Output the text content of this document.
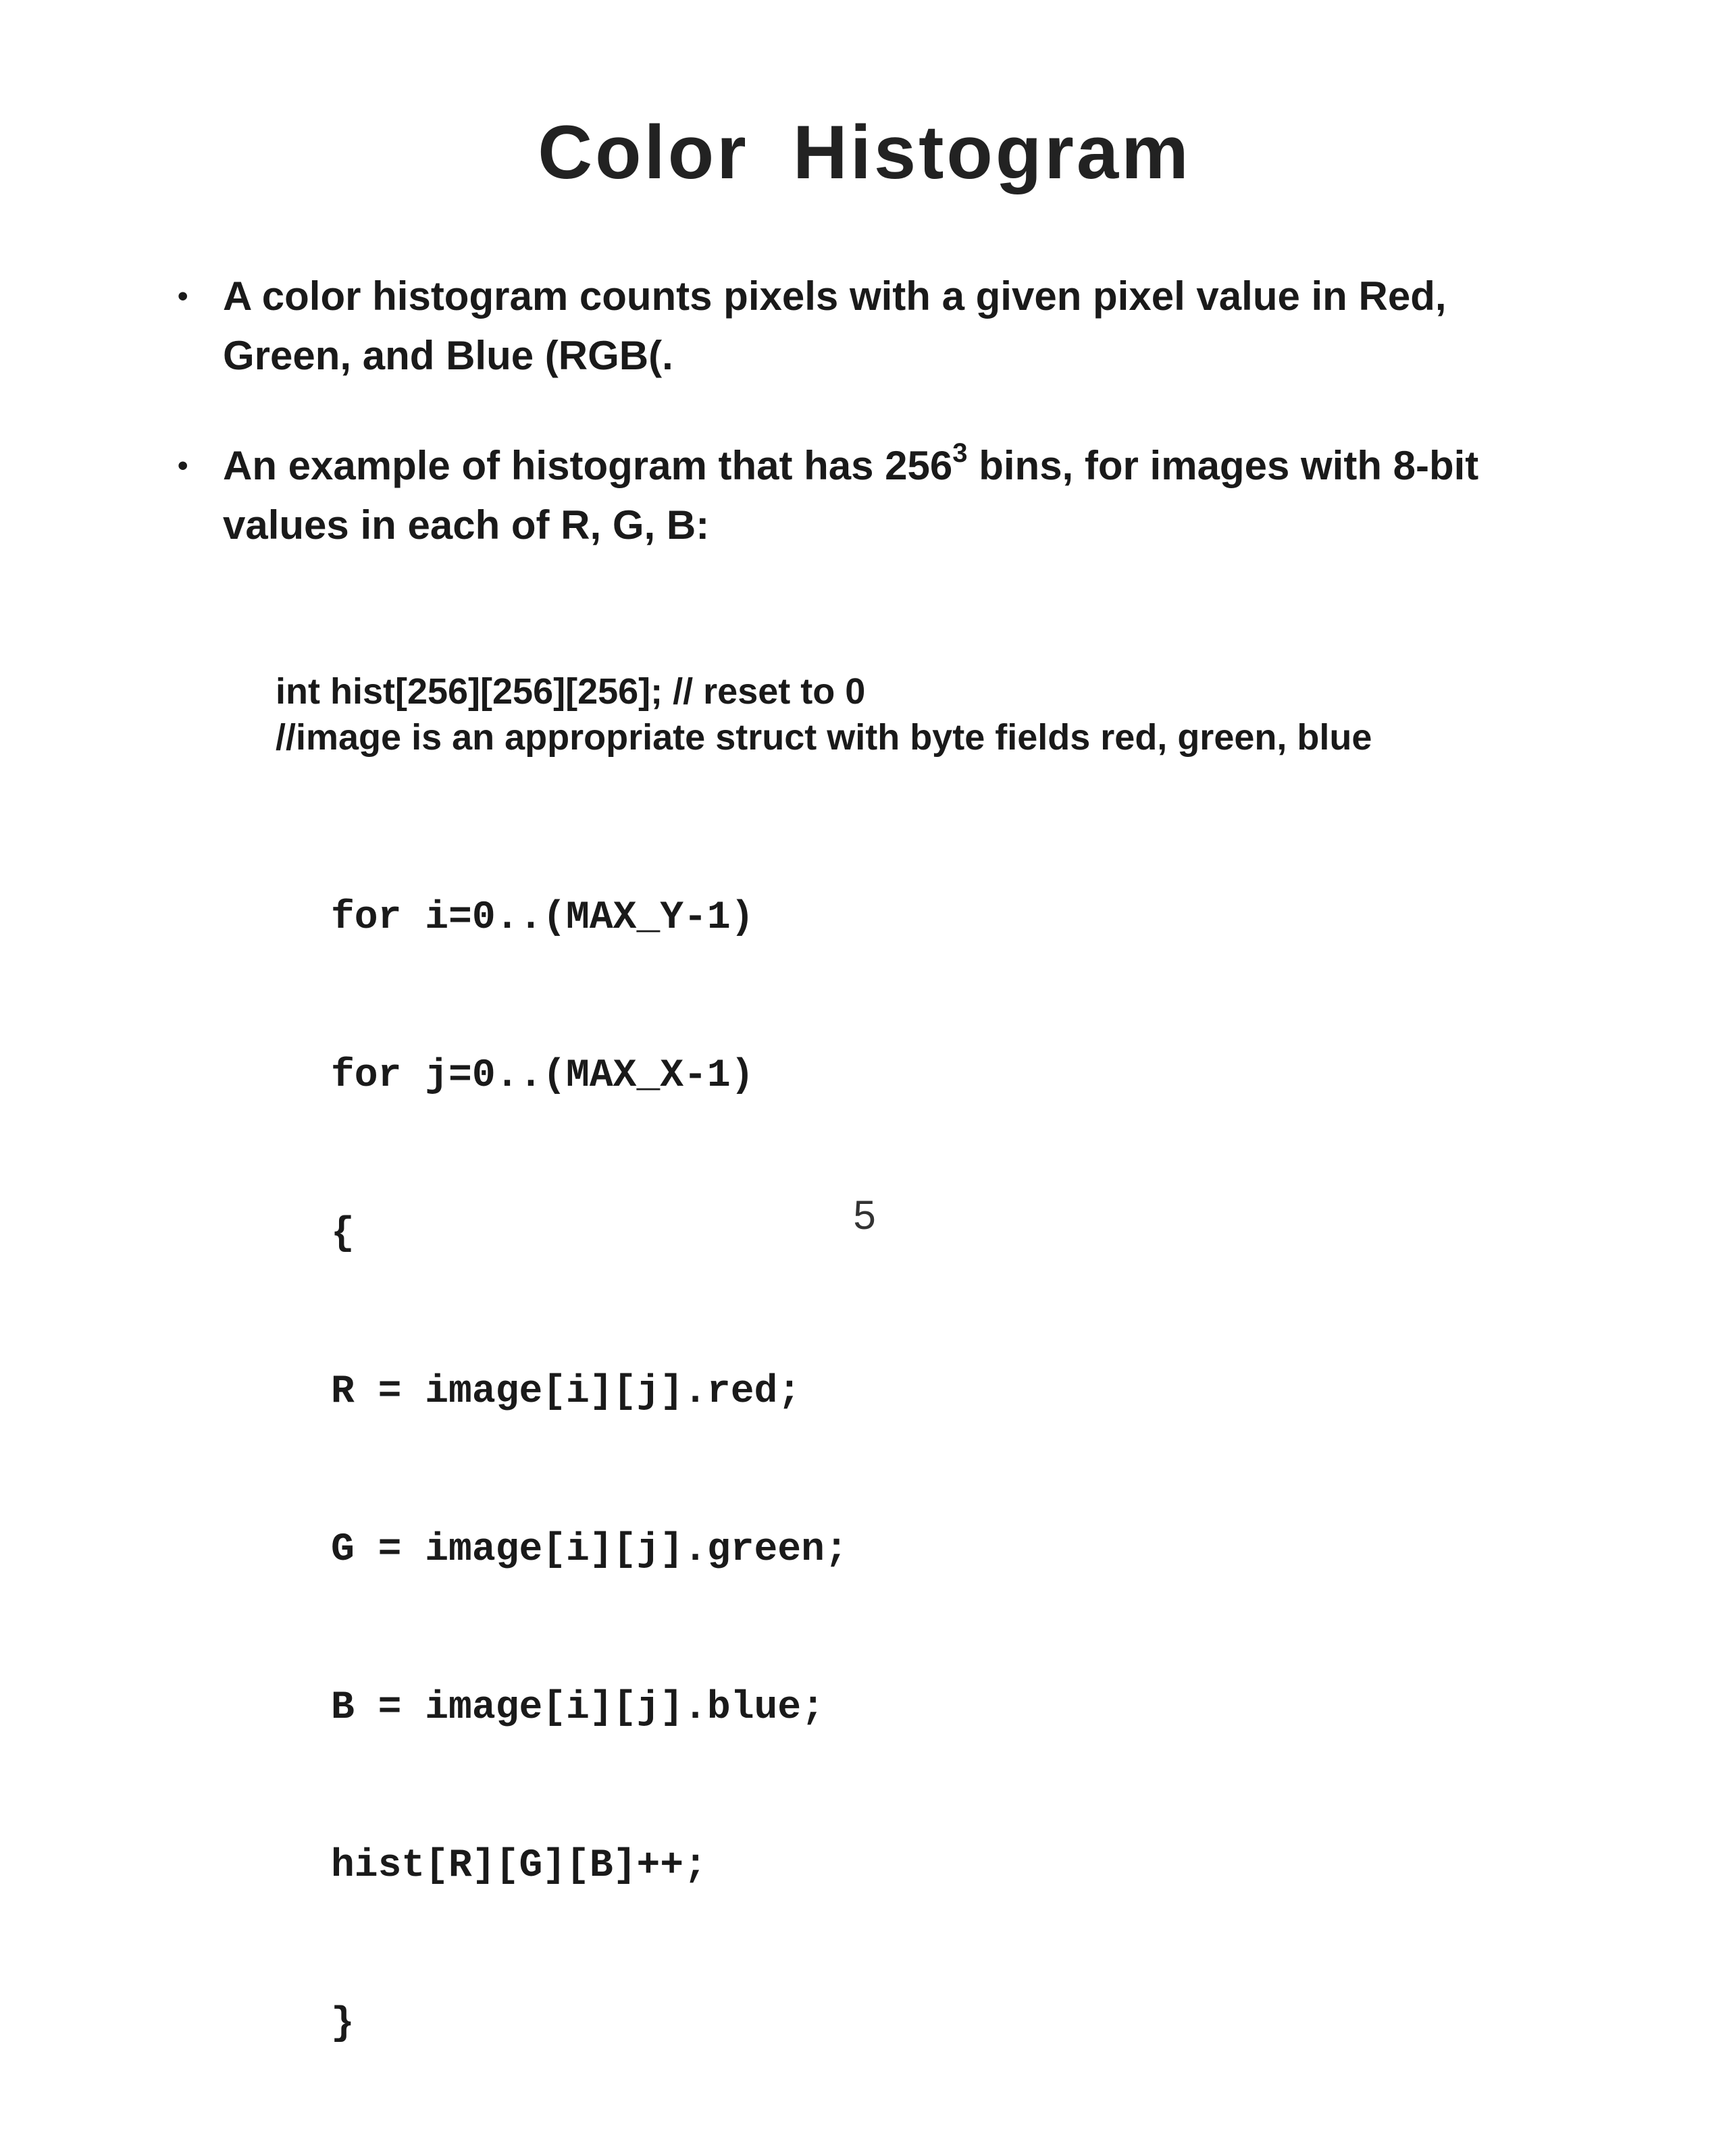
Color Histogram
• A color histogram counts pixels with a given pixel value in Red, Green, and Blue (RGB(.
• An example of histogram that has $256^3$ bins, for images with 8-bit values in each of R, G, B:
int hist[256][256][256]; // reset to 0
//image is an appropriate struct with byte fields red, green, blue

for i=0..(MAX_Y-1)

for j=0..(MAX_X-1)

{

R = image[i][j].red;

G = image[i][j].green;

B = image[i][j].blue;

hist[R][G][B]++;

}

5
